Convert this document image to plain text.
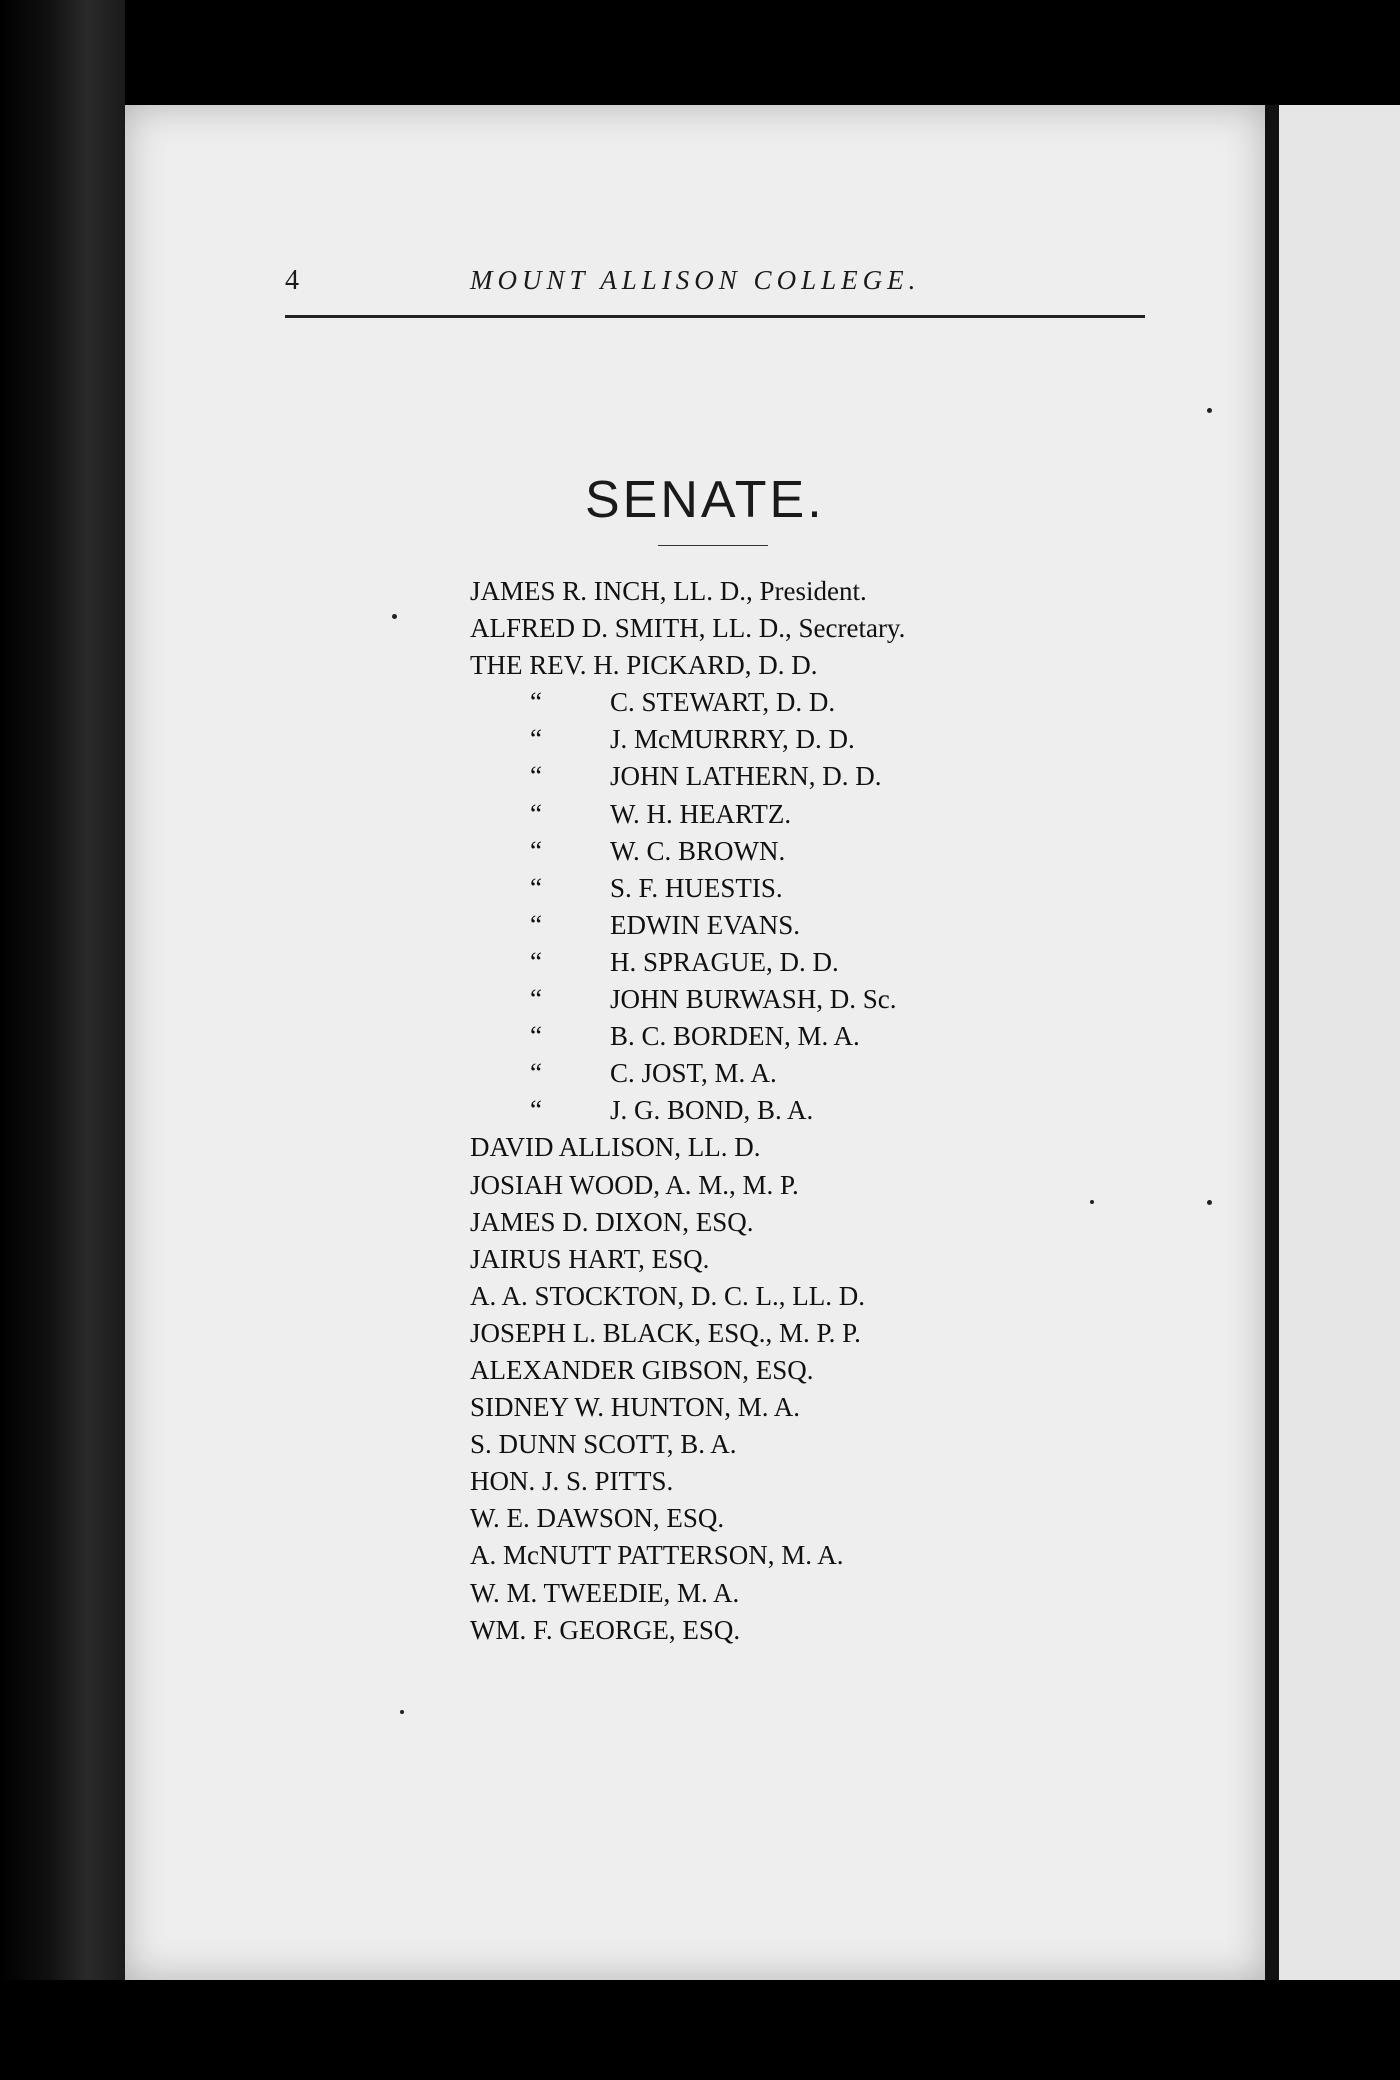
4	MOUNT ALLISON COLLEGE.
SENATE.
JAMES R. INCH, LL. D., President.
ALFRED D. SMITH, LL. D., Secretary.
THE REV. H. PICKARD, D. D.
“	C. STEWART, D. D.
“	J. McMURRRY, D. D.
“	JOHN LATHERN, D. D.
“	W. H. HEARTZ.
“	W. C. BROWN.
“	S. F. HUESTIS.
“	EDWIN EVANS.
“	H. SPRAGUE, D. D.
“	JOHN BURWASH, D. Sc.
“	B. C. BORDEN, M. A.
“	C. JOST, M. A.
“	J. G. BOND, B. A.
DAVID ALLISON, LL. D.
JOSIAH WOOD, A. M., M. P.
JAMES D. DIXON, ESQ.
JAIRUS HART, ESQ.
A. A. STOCKTON, D. C. L., LL. D.
JOSEPH L. BLACK, ESQ., M. P. P.
ALEXANDER GIBSON, ESQ.
SIDNEY W. HUNTON, M. A.
S. DUNN SCOTT, B. A.
HON. J. S. PITTS.
W. E. DAWSON, ESQ.
A. McNUTT PATTERSON, M. A.
W. M. TWEEDIE, M. A.
WM. F. GEORGE, ESQ.
